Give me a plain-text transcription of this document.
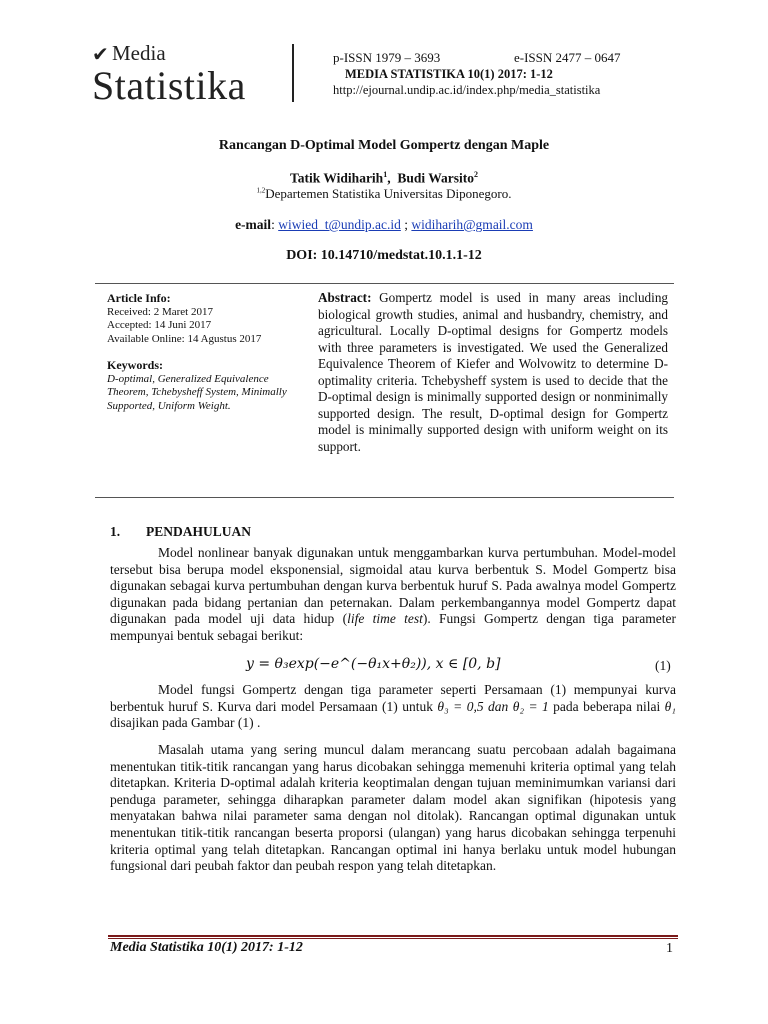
✔ Media
Statistika
p-ISSN 1979 – 3693	e-ISSN 2477 – 0647
MEDIA STATISTIKA 10(1) 2017: 1-12
http://ejournal.undip.ac.id/index.php/media_statistika
Rancangan D-Optimal Model Gompertz dengan Maple
Tatik Widiharih$^1$,  Budi Warsito$^2$
$^{1,2}$Departemen Statistika Universitas Diponegoro.
e-mail: wiwied_t@undip.ac.id ; widiharih@gmail.com
DOI: 10.14710/medstat.10.1.1-12
Article Info:
Received: 2 Maret 2017
Accepted: 14 Juni 2017
Available Online: 14 Agustus 2017
Keywords:
D-optimal, Generalized Equivalence Theorem, Tchebysheff System, Minimally Supported, Uniform Weight.
Abstract: Gompertz model is used in many areas including biological growth studies, animal and husbandry, chemistry, and agricultural. Locally D-optimal designs for Gompertz models with three parameters is investigated. We used the Generalized Equivalence Theorem of Kiefer and Wolvowitz to determine D-optimality criteria. Tchebysheff system is used to decide that the D-optimal design is minimally supported design or nonminimally supported design. The result, D-optimal design for Gompertz model is minimally supported design with uniform weight on its support.
1. PENDAHULUAN
Model nonlinear banyak digunakan untuk menggambarkan kurva pertumbuhan. Model-model tersebut bisa berupa model eksponensial, sigmoidal atau kurva berbentuk S. Model Gompertz bisa digunakan sebagai kurva pertumbuhan dengan kurva berbentuk huruf S. Pada awalnya model Gompertz digunakan pada bidang pertanian dan peternakan. Dalam perkembangannya model Gompertz dapat digunakan pada model uji data hidup (life time test). Fungsi Gompertz dengan tiga parameter mempunyai bentuk sebagai berikut:
y = θ₃exp(−e^(−θ₁x+θ₂)), x ∈ [0, b]	(1)
Model fungsi Gompertz dengan tiga parameter seperti Persamaan (1) mempunyai kurva berbentuk huruf S. Kurva dari model Persamaan (1) untuk θ₃ = 0,5 dan θ₂ = 1 pada beberapa nilai θ₁ disajikan pada Gambar (1) .
Masalah utama yang sering muncul dalam merancang suatu percobaan adalah bagaimana menentukan titik-titik rancangan yang harus dicobakan sehingga memenuhi kriteria optimal yang telah ditetapkan. Kriteria D-optimal adalah kriteria keoptimalan dengan tujuan meminimumkan variansi dari penduga parameter, sehingga diharapkan parameter dalam model akan signifikan (hipotesis yang menyatakan bahwa nilai parameter sama dengan nol ditolak). Rancangan optimal digunakan untuk menentukan titik-titik rancangan beserta proporsi (ulangan) yang harus dicobakan sehingga terpenuhi kriteria optimal yang telah ditetapkan. Rancangan optimal ini hanya berlaku untuk model hubungan fungsional dari peubah faktor dan peubah respon yang telah ditetapkan.
Media Statistika 10(1) 2017: 1-12	1
